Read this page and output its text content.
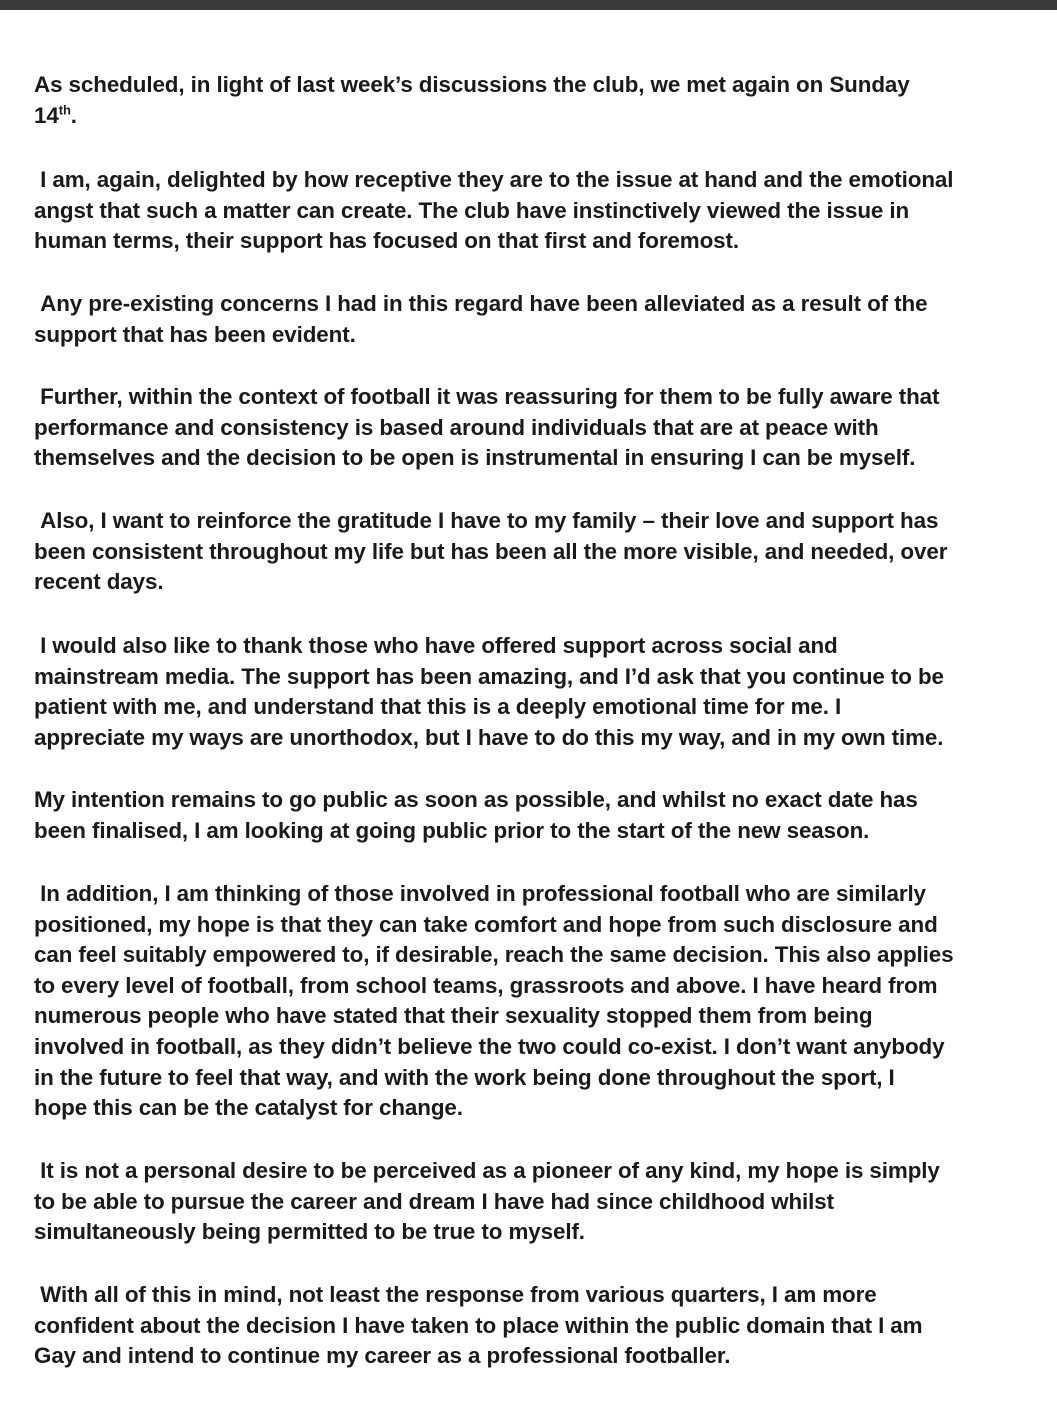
As scheduled, in light of last week’s discussions the club, we met again on Sunday
14th.

I am, again, delighted by how receptive they are to the issue at hand and the emotional
angst that such a matter can create. The club have instinctively viewed the issue in
human terms, their support has focused on that first and foremost.

Any pre-existing concerns I had in this regard have been alleviated as a result of the
support that has been evident.

Further, within the context of football it was reassuring for them to be fully aware that
performance and consistency is based around individuals that are at peace with
themselves and the decision to be open is instrumental in ensuring I can be myself.

Also, I want to reinforce the gratitude I have to my family – their love and support has
been consistent throughout my life but has been all the more visible, and needed, over
recent days.

I would also like to thank those who have offered support across social and
mainstream media. The support has been amazing, and I’d ask that you continue to be
patient with me, and understand that this is a deeply emotional time for me. I
appreciate my ways are unorthodox, but I have to do this my way, and in my own time.

My intention remains to go public as soon as possible, and whilst no exact date has
been finalised, I am looking at going public prior to the start of the new season.

In addition, I am thinking of those involved in professional football who are similarly
positioned, my hope is that they can take comfort and hope from such disclosure and
can feel suitably empowered to, if desirable, reach the same decision. This also applies
to every level of football, from school teams, grassroots and above. I have heard from
numerous people who have stated that their sexuality stopped them from being
involved in football, as they didn’t believe the two could co-exist. I don’t want anybody
in the future to feel that way, and with the work being done throughout the sport, I
hope this can be the catalyst for change.

It is not a personal desire to be perceived as a pioneer of any kind, my hope is simply
to be able to pursue the career and dream I have had since childhood whilst
simultaneously being permitted to be true to myself.

With all of this in mind, not least the response from various quarters, I am more
confident about the decision I have taken to place within the public domain that I am
Gay and intend to continue my career as a professional footballer.
